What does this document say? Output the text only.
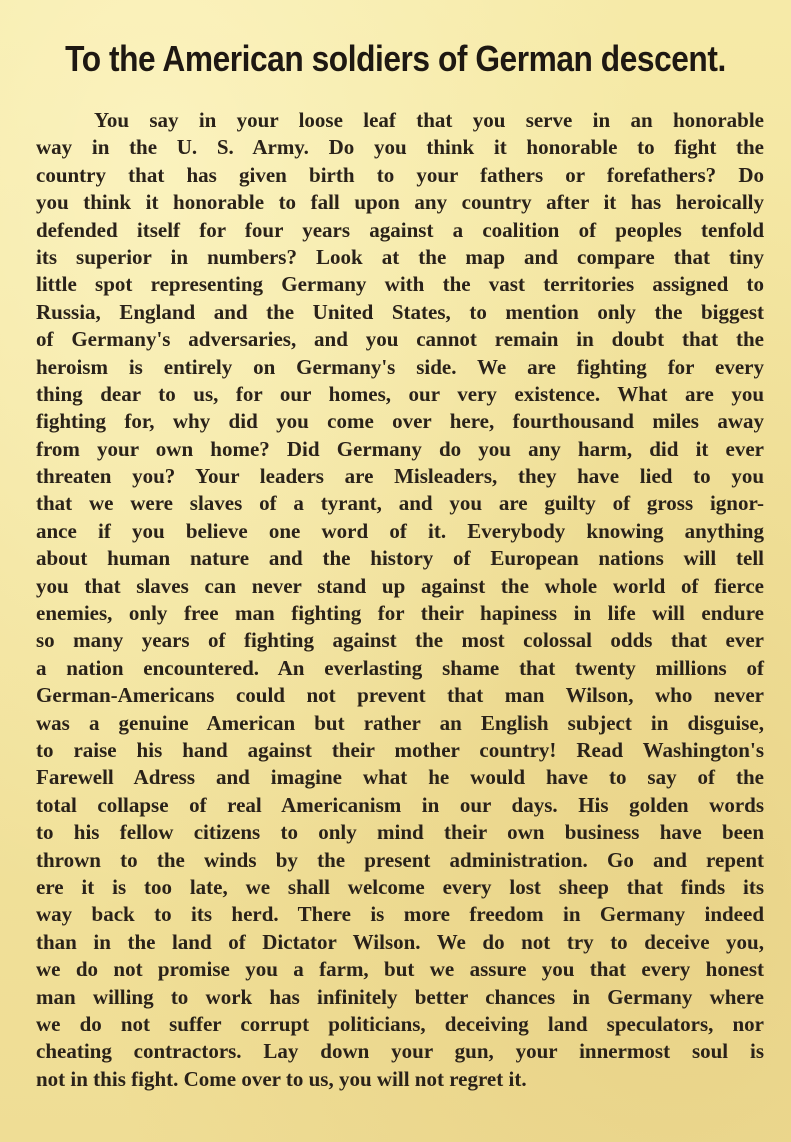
To the American soldiers of German descent.
You say in your loose leaf that you serve in an honorable
way in the U. S. Army. Do you think it honorable to fight the
country that has given birth to your fathers or forefathers? Do
you think it honorable to fall upon any country after it has heroically
defended itself for four years against a coalition of peoples tenfold
its superior in numbers? Look at the map and compare that tiny
little spot representing Germany with the vast territories assigned to
Russia, England and the United States, to mention only the biggest
of Germany's adversaries, and you cannot remain in doubt that the
heroism is entirely on Germany's side. We are fighting for every
thing dear to us, for our homes, our very existence. What are you
fighting for, why did you come over here, fourthousand miles away
from your own home? Did Germany do you any harm, did it ever
threaten you? Your leaders are Misleaders, they have lied to you
that we were slaves of a tyrant, and you are guilty of gross ignor-
ance if you believe one word of it. Everybody knowing anything
about human nature and the history of European nations will tell
you that slaves can never stand up against the whole world of fierce
enemies, only free man fighting for their hapiness in life will endure
so many years of fighting against the most colossal odds that ever
a nation encountered. An everlasting shame that twenty millions of
German-Americans could not prevent that man Wilson, who never
was a genuine American but rather an English subject in disguise,
to raise his hand against their mother country! Read Washington's
Farewell Adress and imagine what he would have to say of the
total collapse of real Americanism in our days. His golden words
to his fellow citizens to only mind their own business have been
thrown to the winds by the present administration. Go and repent
ere it is too late, we shall welcome every lost sheep that finds its
way back to its herd. There is more freedom in Germany indeed
than in the land of Dictator Wilson. We do not try to deceive you,
we do not promise you a farm, but we assure you that every honest
man willing to work has infinitely better chances in Germany where
we do not suffer corrupt politicians, deceiving land speculators, nor
cheating contractors. Lay down your gun, your innermost soul is
not in this fight. Come over to us, you will not regret it.
